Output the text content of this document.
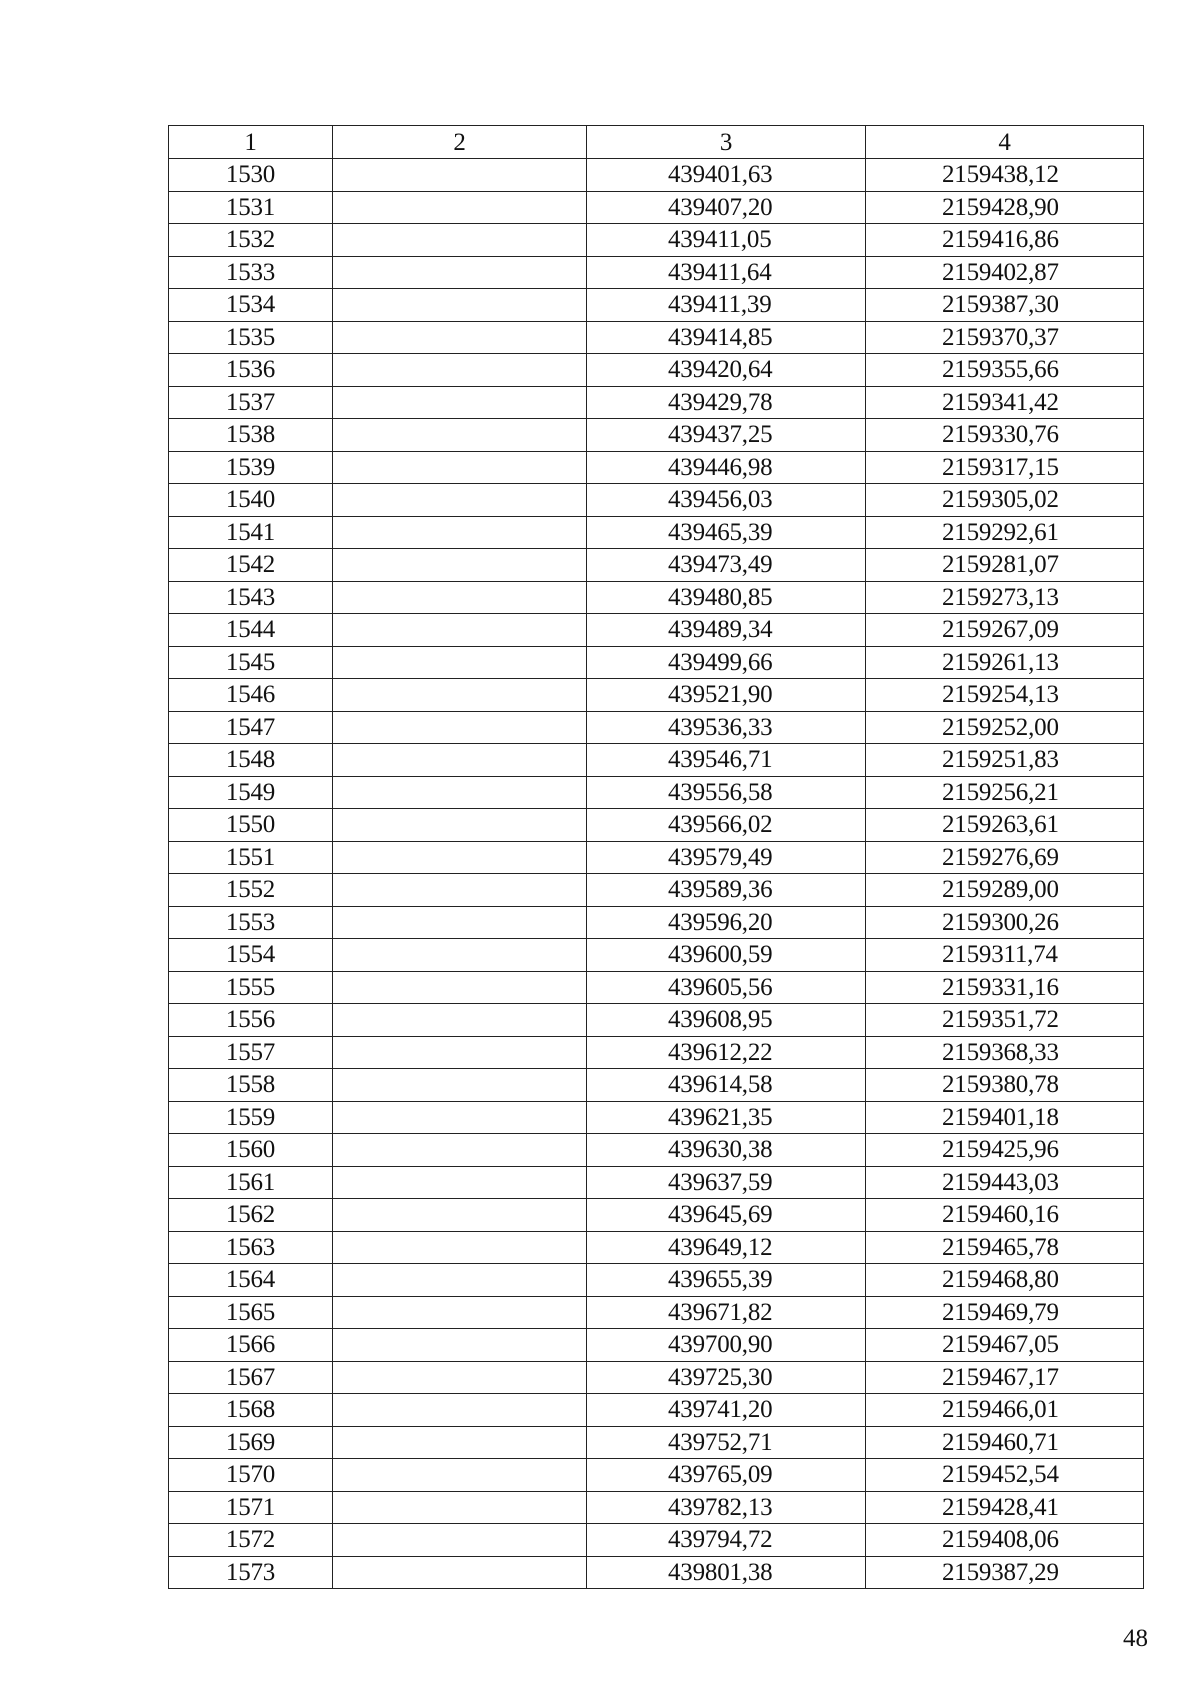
1	2	3	4
1530		439401,63	2159438,12
1531		439407,20	2159428,90
1532		439411,05	2159416,86
1533		439411,64	2159402,87
1534		439411,39	2159387,30
1535		439414,85	2159370,37
1536		439420,64	2159355,66
1537		439429,78	2159341,42
1538		439437,25	2159330,76
1539		439446,98	2159317,15
1540		439456,03	2159305,02
1541		439465,39	2159292,61
1542		439473,49	2159281,07
1543		439480,85	2159273,13
1544		439489,34	2159267,09
1545		439499,66	2159261,13
1546		439521,90	2159254,13
1547		439536,33	2159252,00
1548		439546,71	2159251,83
1549		439556,58	2159256,21
1550		439566,02	2159263,61
1551		439579,49	2159276,69
1552		439589,36	2159289,00
1553		439596,20	2159300,26
1554		439600,59	2159311,74
1555		439605,56	2159331,16
1556		439608,95	2159351,72
1557		439612,22	2159368,33
1558		439614,58	2159380,78
1559		439621,35	2159401,18
1560		439630,38	2159425,96
1561		439637,59	2159443,03
1562		439645,69	2159460,16
1563		439649,12	2159465,78
1564		439655,39	2159468,80
1565		439671,82	2159469,79
1566		439700,90	2159467,05
1567		439725,30	2159467,17
1568		439741,20	2159466,01
1569		439752,71	2159460,71
1570		439765,09	2159452,54
1571		439782,13	2159428,41
1572		439794,72	2159408,06
1573		439801,38	2159387,29
48
